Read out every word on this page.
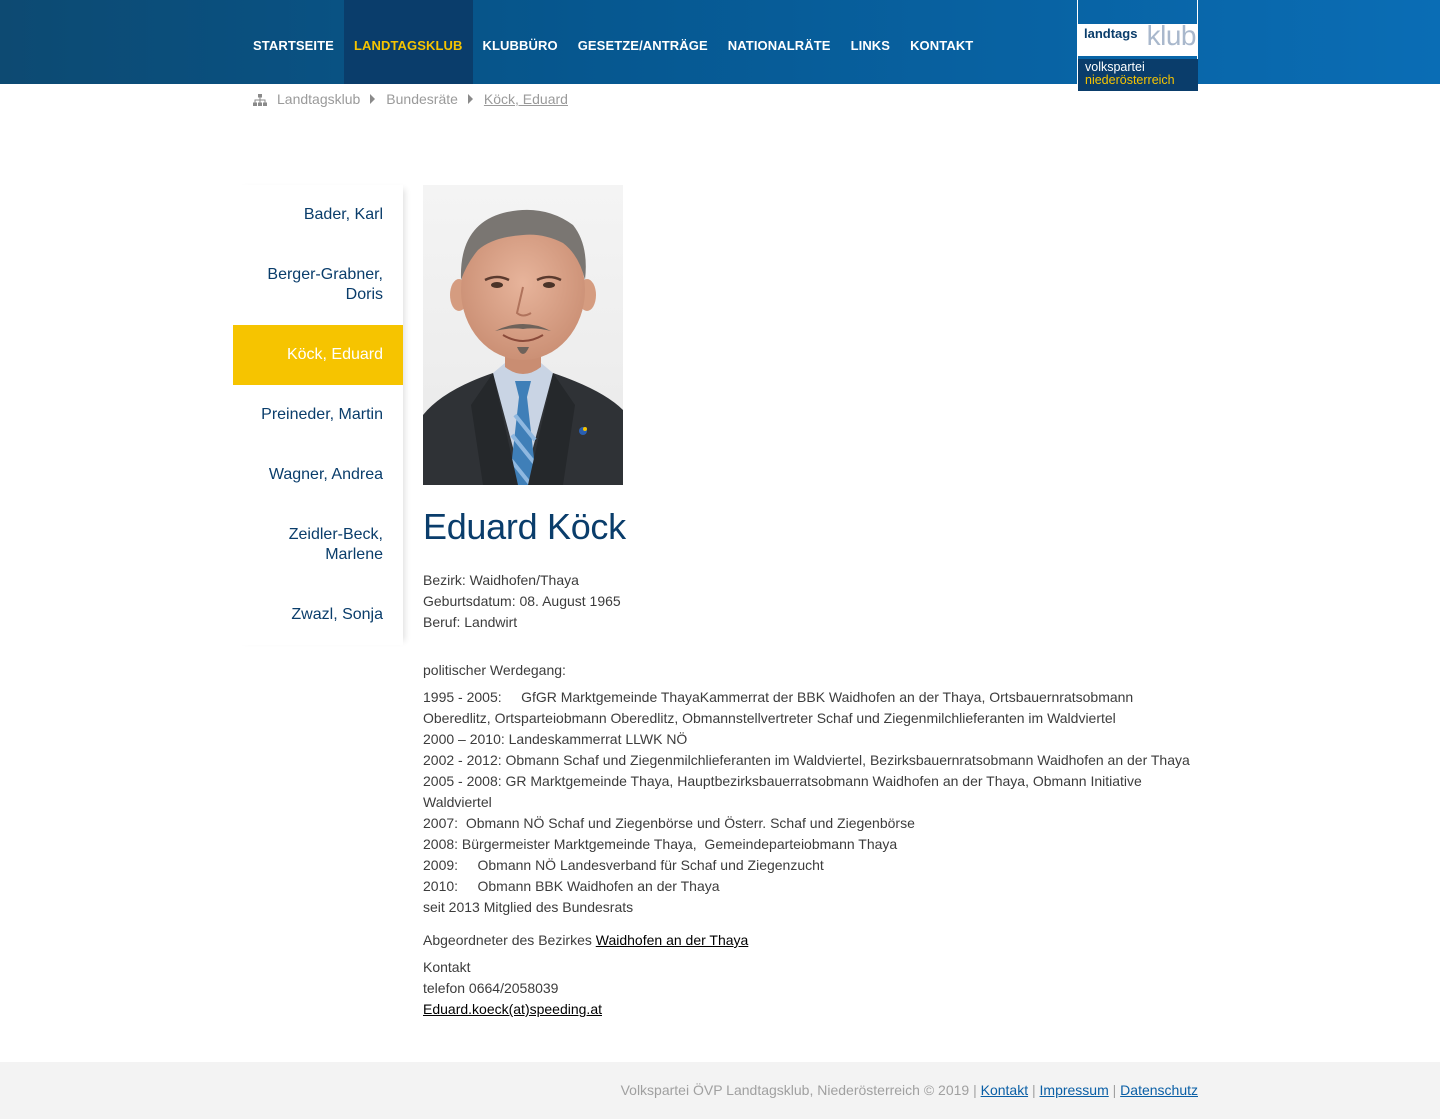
STARTSEITE	LANDTAGSKLUB	KLUBBÜRO	GESETZE/ANTRÄGE	NATIONALRÄTE	LINKS	KONTAKT
landtags klub
volkspartei
niederösterreich
Landtagsklub Bundesräte Köck, Eduard
Bader, Karl
Berger-Grabner, Doris
Köck, Eduard
Preineder, Martin
Wagner, Andrea
Zeidler-Beck, Marlene
Zwazl, Sonja
Eduard Köck
Bezirk: Waidhofen/Thaya
Geburtsdatum: 08. August 1965
Beruf: Landwirt
politischer Werdegang:
1995 - 2005:     GfGR Marktgemeinde ThayaKammerrat der BBK Waidhofen an der Thaya, Ortsbauernratsobmann Oberedlitz, Ortsparteiobmann Oberedlitz, Obmannstellvertreter Schaf und Ziegenmilchlieferanten im Waldviertel
2000 – 2010: Landeskammerrat LLWK NÖ
2002 - 2012: Obmann Schaf und Ziegenmilchlieferanten im Waldviertel, Bezirksbauernratsobmann Waidhofen an der Thaya
2005 - 2008: GR Marktgemeinde Thaya, Hauptbezirksbauerratsobmann Waidhofen an der Thaya, Obmann Initiative Waldviertel
2007:  Obmann NÖ Schaf und Ziegenbörse und Österr. Schaf und Ziegenbörse
2008: Bürgermeister Marktgemeinde Thaya,  Gemeindeparteiobmann Thaya
2009:     Obmann NÖ Landesverband für Schaf und Ziegenzucht
2010:     Obmann BBK Waidhofen an der Thaya
seit 2013 Mitglied des Bundesrats
Abgeordneter des Bezirkes Waidhofen an der Thaya
Kontakt
telefon 0664/2058039
Eduard.koeck(at)speeding.at
Volkspartei ÖVP Landtagsklub, Niederösterreich © 2019 | Kontakt | Impressum | Datenschutz
